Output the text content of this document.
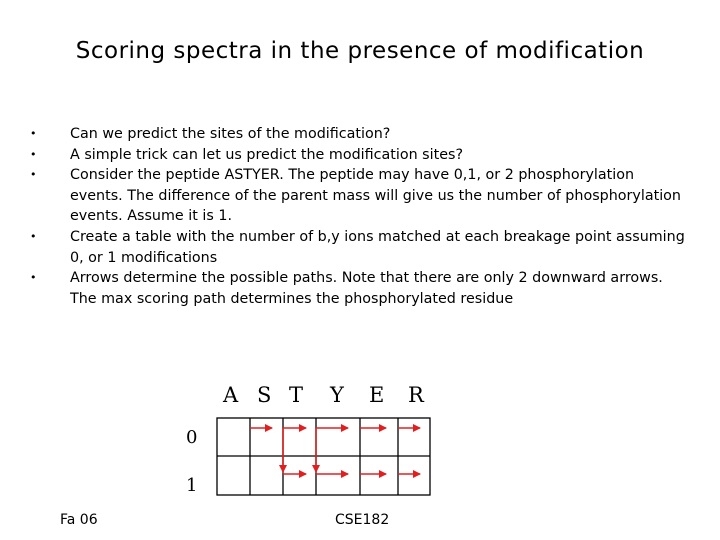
Scoring spectra in the presence of modification
• Can we predict the sites of the modification?
• A simple trick can let us predict the modification sites?
• Consider the peptide ASTYER. The peptide may have 0,1, or 2 phosphorylation events. The difference of the parent mass will give us the number of phosphorylation events. Assume it is 1.
• Create a table with the number of b,y ions matched at each breakage point assuming 0, or 1 modifications
• Arrows determine the possible paths. Note that there are only 2 downward arrows. The max scoring path determines the phosphorylated residue
A S T Y E R
0
1
Fa 06	CSE182
